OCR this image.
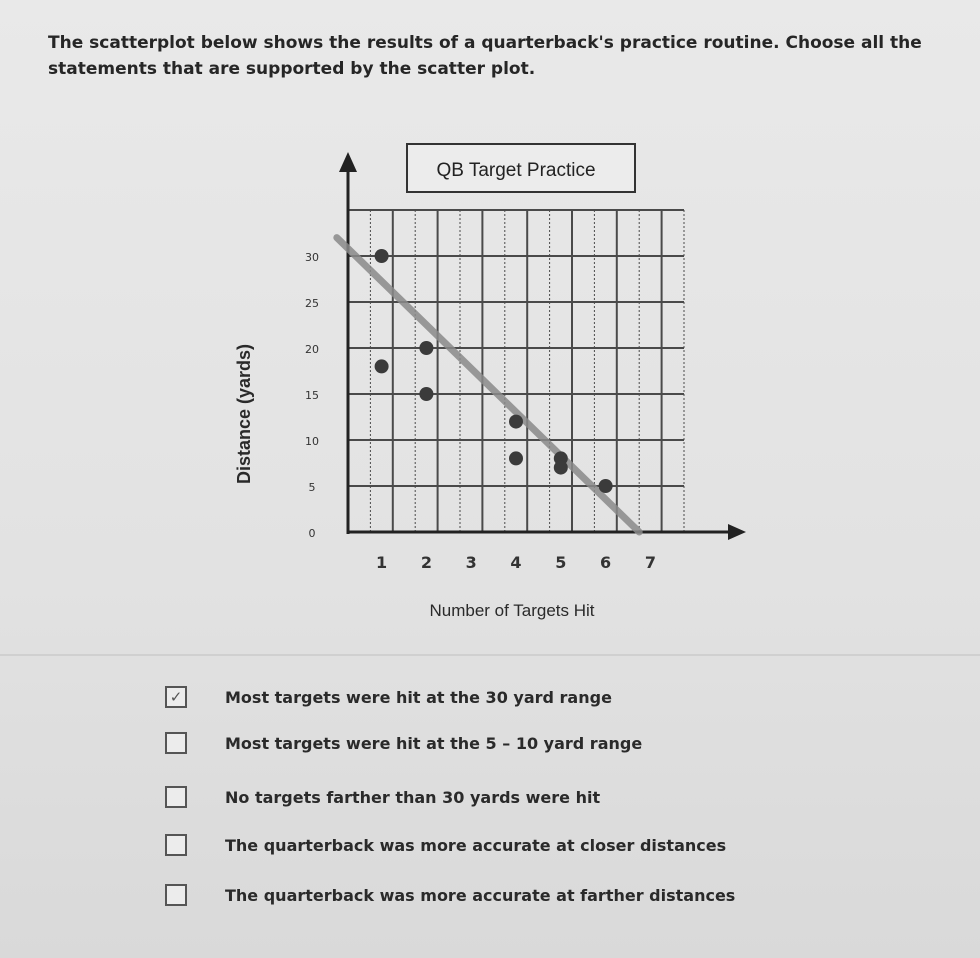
The scatterplot below shows the results of a quarterback's practice routine. Choose all the statements that are supported by the scatter plot.
QB Target Practice
0
5
10
15
20
25
30
1 2 3 4 5 6 7
Number of Targets Hit
Distance (yards)
✓	Most targets were hit at the 30 yard range
Most targets were hit at the 5 – 10 yard range
No targets farther than 30 yards were hit
The quarterback was more accurate at closer distances
The quarterback was more accurate at farther distances
